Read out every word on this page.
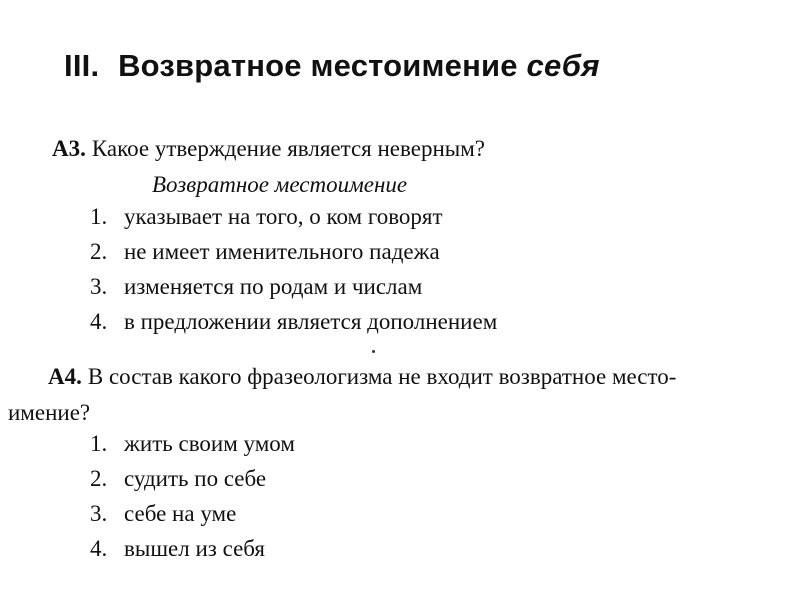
III. Возвратное местоимение себя
А3. Какое утверждение является неверным?
Возвратное местоимение
1. указывает на того, о ком говорят
2. не имеет именительного падежа
3. изменяется по родам и числам
4. в предложении является дополнением
А4. В состав какого фразеологизма не входит возвратное место-
имение?
1. жить своим умом
2. судить по себе
3. себе на уме
4. вышел из себя
